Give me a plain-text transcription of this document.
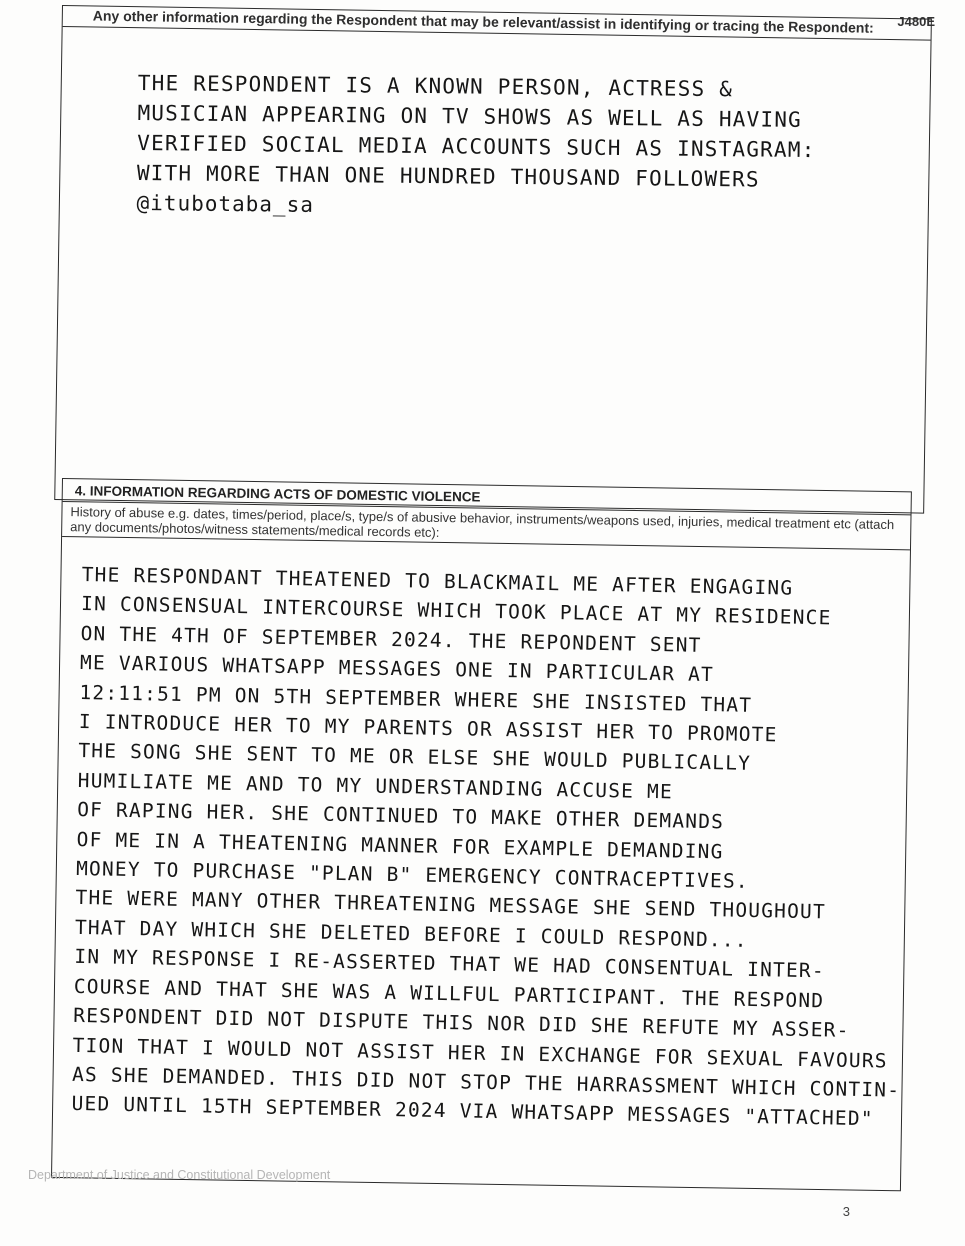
J480E
Any other information regarding the Respondent that may be relevant/assist in identifying or tracing the Respondent:
THE RESPONDENT IS A KNOWN PERSON, ACTRESS &
MUSICIAN APPEARING ON TV SHOWS AS WELL AS HAVING
VERIFIED SOCIAL MEDIA ACCOUNTS SUCH AS INSTAGRAM:
WITH MORE THAN ONE HUNDRED THOUSAND FOLLOWERS
@itubotaba_sa
4. INFORMATION REGARDING ACTS OF DOMESTIC VIOLENCE
History of abuse e.g. dates, times/period, place/s, type/s of abusive behavior, instruments/weapons used, injuries, medical treatment etc (attach any documents/photos/witness statements/medical records etc):
THE RESPONDANT THEATENED TO BLACKMAIL ME AFTER ENGAGING
IN CONSENSUAL INTERCOURSE WHICH TOOK PLACE AT MY RESIDENCE
ON THE 4TH OF SEPTEMBER 2024. THE REPONDENT SENT
ME VARIOUS WHATSAPP MESSAGES ONE IN PARTICULAR AT
12:11:51 PM ON 5TH SEPTEMBER WHERE SHE INSISTED THAT
I INTRODUCE HER TO MY PARENTS OR ASSIST HER TO PROMOTE
THE SONG SHE SENT TO ME OR ELSE SHE WOULD PUBLICALLY
HUMILIATE ME AND TO MY UNDERSTANDING ACCUSE ME
OF RAPING HER. SHE CONTINUED TO MAKE OTHER DEMANDS
OF ME IN A THEATENING MANNER FOR EXAMPLE DEMANDING
MONEY TO PURCHASE "PLAN B" EMERGENCY CONTRACEPTIVES.
THE WERE MANY OTHER THREATENING MESSAGE SHE SEND THOUGHOUT
THAT DAY WHICH SHE DELETED BEFORE I COULD RESPOND...
IN MY RESPONSE I RE-ASSERTED THAT WE HAD CONSENTUAL INTER-
COURSE AND THAT SHE WAS A WILLFUL PARTICIPANT. THE RESPOND
RESPONDENT DID NOT DISPUTE THIS NOR DID SHE REFUTE MY ASSER-
TION THAT I WOULD NOT ASSIST HER IN EXCHANGE FOR SEXUAL FAVOURS
AS SHE DEMANDED. THIS DID NOT STOP THE HARRASSMENT WHICH CONTIN-
UED UNTIL 15TH SEPTEMBER 2024 VIA WHATSAPP MESSAGES "ATTACHED"
Department of Justice and Constitutional Development
3
